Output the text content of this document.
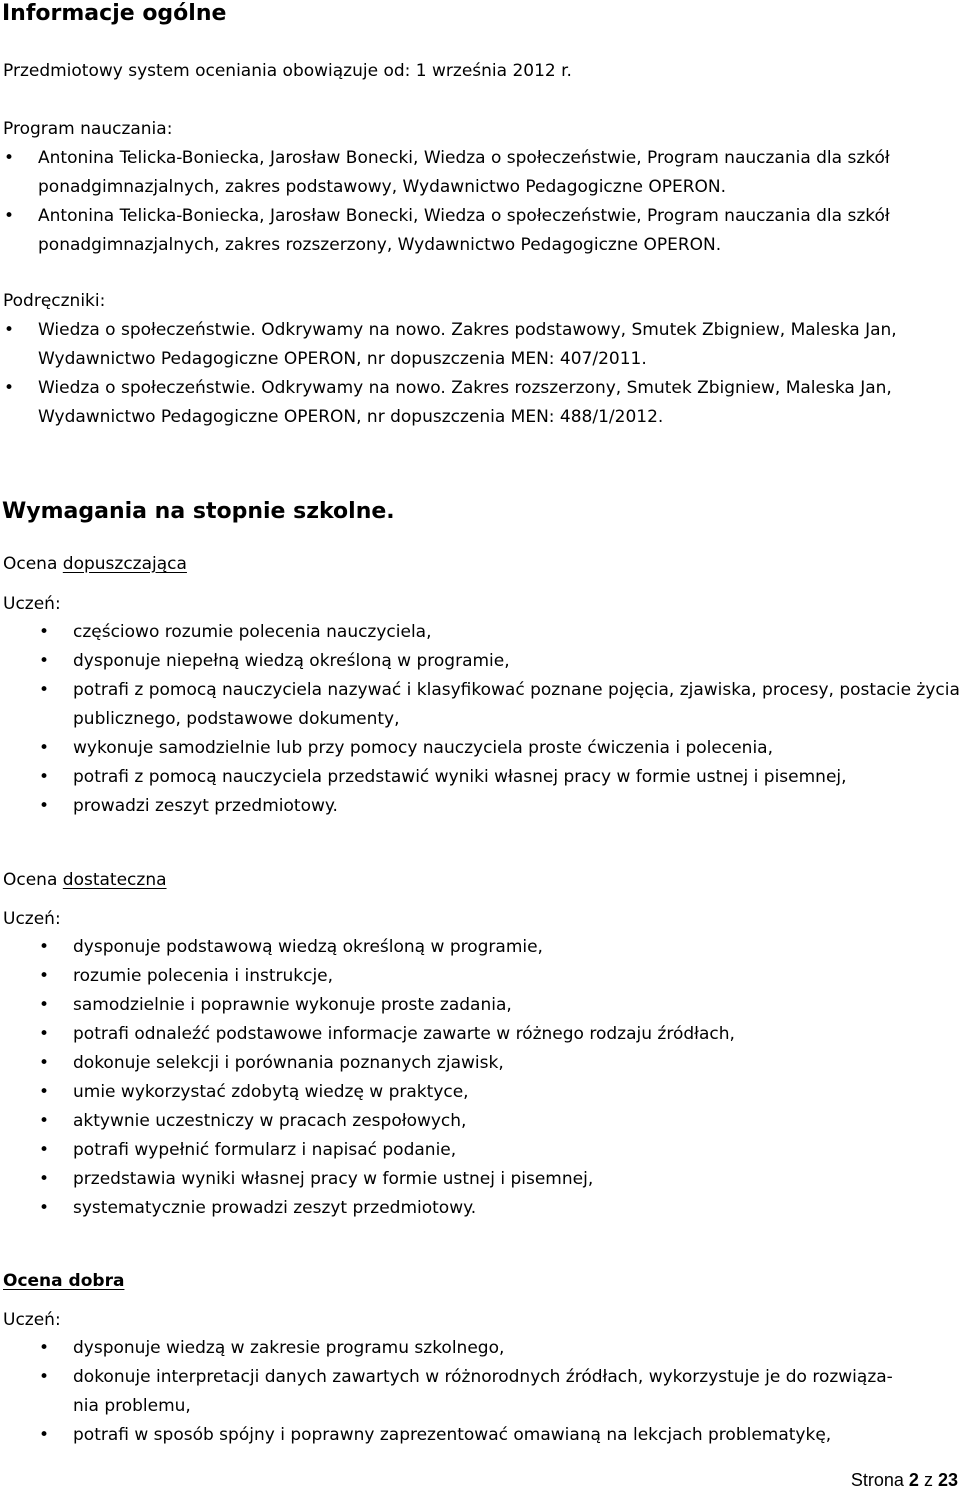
Informacje ogólne

Przedmiotowy system oceniania obowiązuje od: 1 września 2012 r.

Program nauczania:

• Antonina Telicka-Boniecka, Jarosław Bonecki, Wiedza o społeczeństwie, Program nauczania dla szkół ponadgimnazjalnych, zakres podstawowy, Wydawnictwo Pedagogiczne OPERON.
• Antonina Telicka-Boniecka, Jarosław Bonecki, Wiedza o społeczeństwie, Program nauczania dla szkół ponadgimnazjalnych, zakres rozszerzony, Wydawnictwo Pedagogiczne OPERON.

Podręczniki:

• Wiedza o społeczeństwie. Odkrywamy na nowo. Zakres podstawowy, Smutek Zbigniew, Maleska Jan, Wydawnictwo Pedagogiczne OPERON, nr dopuszczenia MEN: 407/2011.
• Wiedza o społeczeństwie. Odkrywamy na nowo. Zakres rozszerzony, Smutek Zbigniew, Maleska Jan, Wydawnictwo Pedagogiczne OPERON, nr dopuszczenia MEN: 488/1/2012.
Wymagania na stopnie szkolne.

Ocena dopuszczająca

Uczeń:

• częściowo rozumie polecenia nauczyciela,
• dysponuje niepełną wiedzą określoną w programie,
• potrafi z pomocą nauczyciela nazywać i klasyfikować poznane pojęcia, zjawiska, procesy, postacie życia publicznego, podstawowe dokumenty,
• wykonuje samodzielnie lub przy pomocy nauczyciela proste ćwiczenia i polecenia,
• potrafi z pomocą nauczyciela przedstawić wyniki własnej pracy w formie ustnej i pisemnej,
• prowadzi zeszyt przedmiotowy.

Ocena dostateczna

Uczeń:

• dysponuje podstawową wiedzą określoną w programie,
• rozumie polecenia i instrukcje,
• samodzielnie i poprawnie wykonuje proste zadania,
• potrafi odnaleźć podstawowe informacje zawarte w różnego rodzaju źródłach,
• dokonuje selekcji i porównania poznanych zjawisk,
• umie wykorzystać zdobytą wiedzę w praktyce,
• aktywnie uczestniczy w pracach zespołowych,
• potrafi wypełnić formularz i napisać podanie,
• przedstawia wyniki własnej pracy w formie ustnej i pisemnej,
• systematycznie prowadzi zeszyt przedmiotowy.

Ocena dobra

Uczeń:

• dysponuje wiedzą w zakresie programu szkolnego,
• dokonuje interpretacji danych zawartych w różnorodnych źródłach, wykorzystuje je do rozwiąza-
nia problemu,
• potrafi w sposób spójny i poprawny zaprezentować omawianą na lekcjach problematykę,
Strona 2 z 23
